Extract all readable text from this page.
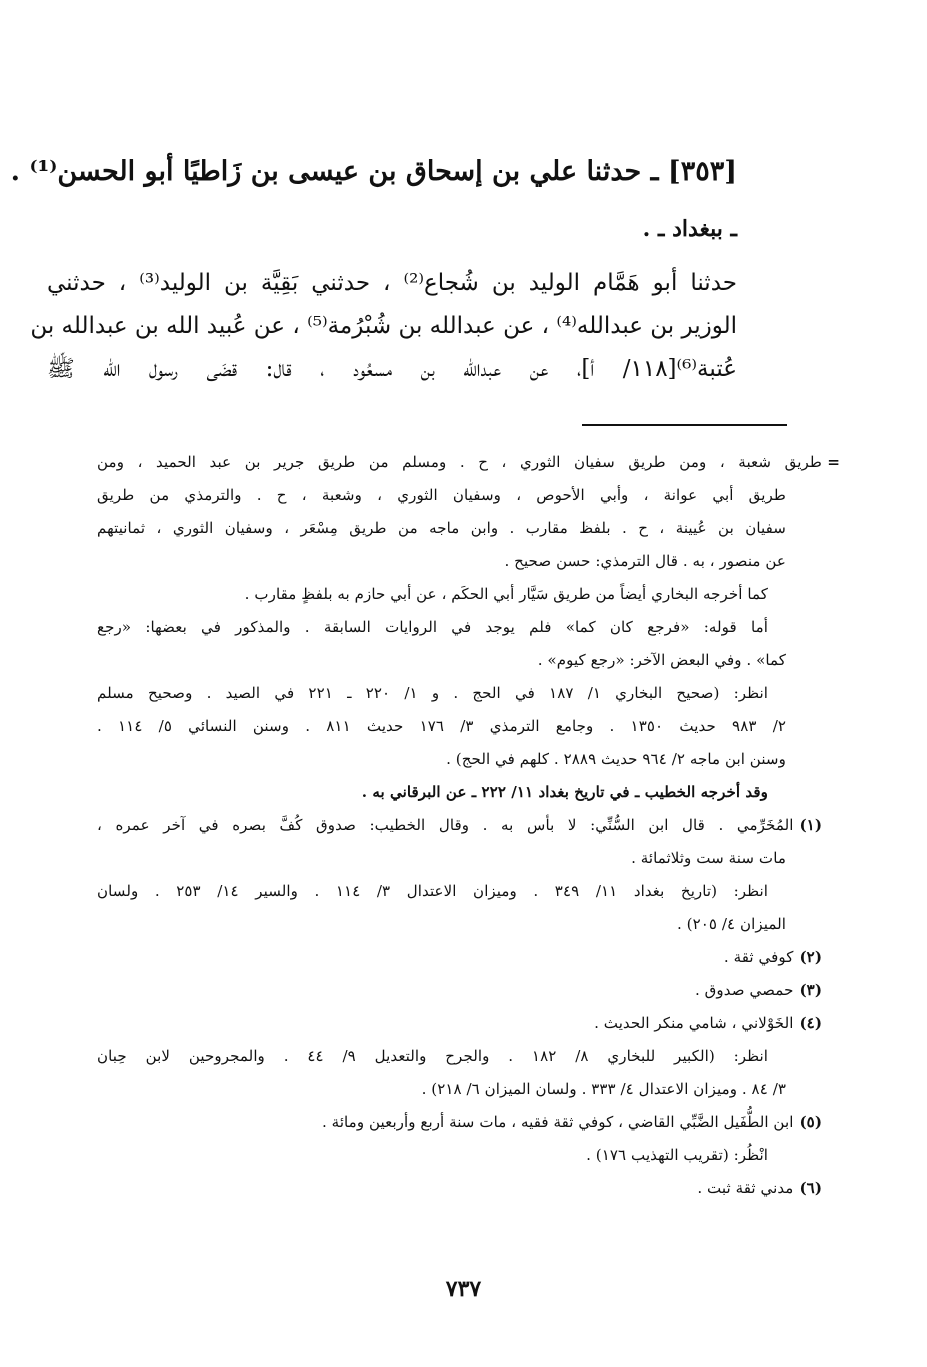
[٣٥٣] ـ حدثنا علي بن إسحاق بن عيسى بن زَاطيًا أبو الحسن⁽¹⁾ .
ـ ببغداد ـ .
حدثنا أبو هَمَّام الوليد بن شُجاع⁽²⁾ ، حدثني بَقِيَّة بن الوليد⁽³⁾ ، حدثني
الوزير بن عبدالله⁽⁴⁾ ، عن عبدالله بن شُبْرُمة⁽⁵⁾ ، عن عُبيد الله بن عبدالله بن
عُتبة⁽⁶⁾[١١٨/ أ]، عن عبدالله بن مسعُود ، قال: قضَى رسول الله ﷺ
=
طريق شعبة ، ومن طريق سفيان الثوري ، ح . ومسلم من طريق جرير بن عبد الحميد ، ومن
طريق أبي عوانة ، وأبي الأحوص ، وسفيان الثوري ، وشعبة ، ح . والترمذي من طريق
سفيان بن عُيينة ، ح . بلفظ مقارب . وابن ماجه من طريق مِسْعَر ، وسفيان الثوري ، ثمانيتهم
عن منصور ، به . قال الترمذي: حسن صحيح .
كما أخرجه البخاري أيضاً من طريق سَيَّار أبي الحكَم ، عن أبي حازم به بلفظٍ مقارب .
أما قوله: «فرجع كان كما» فلم يوجد في الروايات السابقة . والمذكور في بعضها: «رجع
كما» . وفي البعض الآخر: «رجع كيوم» .
انظر: (صحيح البخاري ١/ ١٨٧ في الحج . و ١/ ٢٢٠ ـ ٢٢١ في الصيد . وصحيح مسلم
٢/ ٩٨٣ حديث ١٣٥٠ . وجامع الترمذي ٣/ ١٧٦ حديث ٨١١ . وسنن النسائي ٥/ ١١٤ .
وسنن ابن ماجه ٢/ ٩٦٤ حديث ٢٨٨٩ . كلهم في الحج) .
وقد أخرجه الخطيب ـ في تاريخ بغداد ١١/ ٢٢٢ ـ عن البرقاني به .
(١)المُخَرِّمي . قال ابن السُّنِّي: لا بأس به . وقال الخطيب: صدوق كُفَّ بصره في آخر عمره ،
مات سنة ست وثلاثمائة .
انظر: (تاريخ بغداد ١١/ ٣٤٩ . وميزان الاعتدال ٣/ ١١٤ . والسير ١٤/ ٢٥٣ . ولسان
الميزان ٤/ ٢٠٥) .
(٢)كوفي ثقة .
(٣)حمصي صدوق .
(٤)الخَوْلاني ، شامي منكر الحديث .
انظر: (الكبير للبخاري ٨/ ١٨٢ . والجرح والتعديل ٩/ ٤٤ . والمجروحين لابن حِبان
٣/ ٨٤ . وميزان الاعتدال ٤/ ٣٣٣ . ولسان الميزان ٦/ ٢١٨) .
(٥)ابن الطُّفَيل الضَّبِّي القاضي ، كوفي ثقة فقيه ، مات سنة أربع وأربعين ومائة .
انْظُر: (تقريب التهذيب ١٧٦) .
(٦)مدني ثقة ثبت .
٧٣٧
